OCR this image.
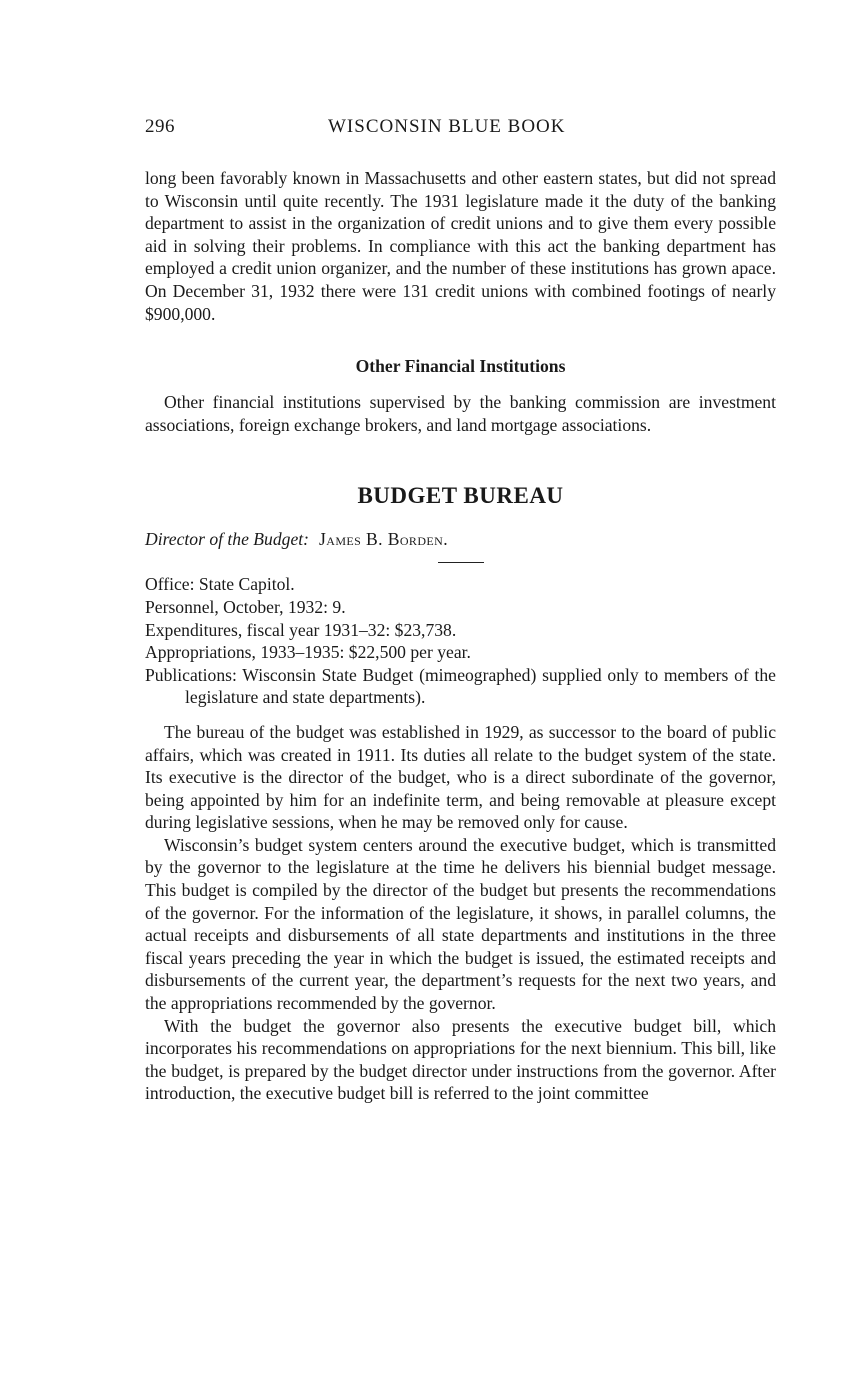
296	WISCONSIN BLUE BOOK

long been favorably known in Massachusetts and other eastern states, but did not spread to Wisconsin until quite recently. The 1931 legislature made it the duty of the banking department to assist in the organization of credit unions and to give them every possible aid in solving their problems. In compliance with this act the banking department has employed a credit union organizer, and the number of these institutions has grown apace. On December 31, 1932 there were 131 credit unions with combined footings of nearly $900,000.

Other Financial Institutions

Other financial institutions supervised by the banking commission are investment associations, foreign exchange brokers, and land mortgage associations.

BUDGET BUREAU
Director of the Budget: James B. Borden.
Office: State Capitol.
Personnel, October, 1932: 9.
Expenditures, fiscal year 1931–32: $23,738.
Appropriations, 1933–1935: $22,500 per year.
Publications: Wisconsin State Budget (mimeographed) supplied only to members of the legislature and state departments).

The bureau of the budget was established in 1929, as successor to the board of public affairs, which was created in 1911. Its duties all relate to the budget system of the state. Its executive is the director of the budget, who is a direct subordinate of the governor, being appointed by him for an indefinite term, and being removable at pleasure except during legislative sessions, when he may be removed only for cause.

Wisconsin’s budget system centers around the executive budget, which is transmitted by the governor to the legislature at the time he delivers his biennial budget message. This budget is compiled by the director of the budget but presents the recommendations of the governor. For the information of the legislature, it shows, in parallel columns, the actual receipts and disbursements of all state departments and institutions in the three fiscal years preceding the year in which the budget is issued, the estimated receipts and disbursements of the current year, the department’s requests for the next two years, and the appropriations recommended by the governor.

With the budget the governor also presents the executive budget bill, which incorporates his recommendations on appropriations for the next biennium. This bill, like the budget, is prepared by the budget director under instructions from the governor. After introduction, the executive budget bill is referred to the joint committee
